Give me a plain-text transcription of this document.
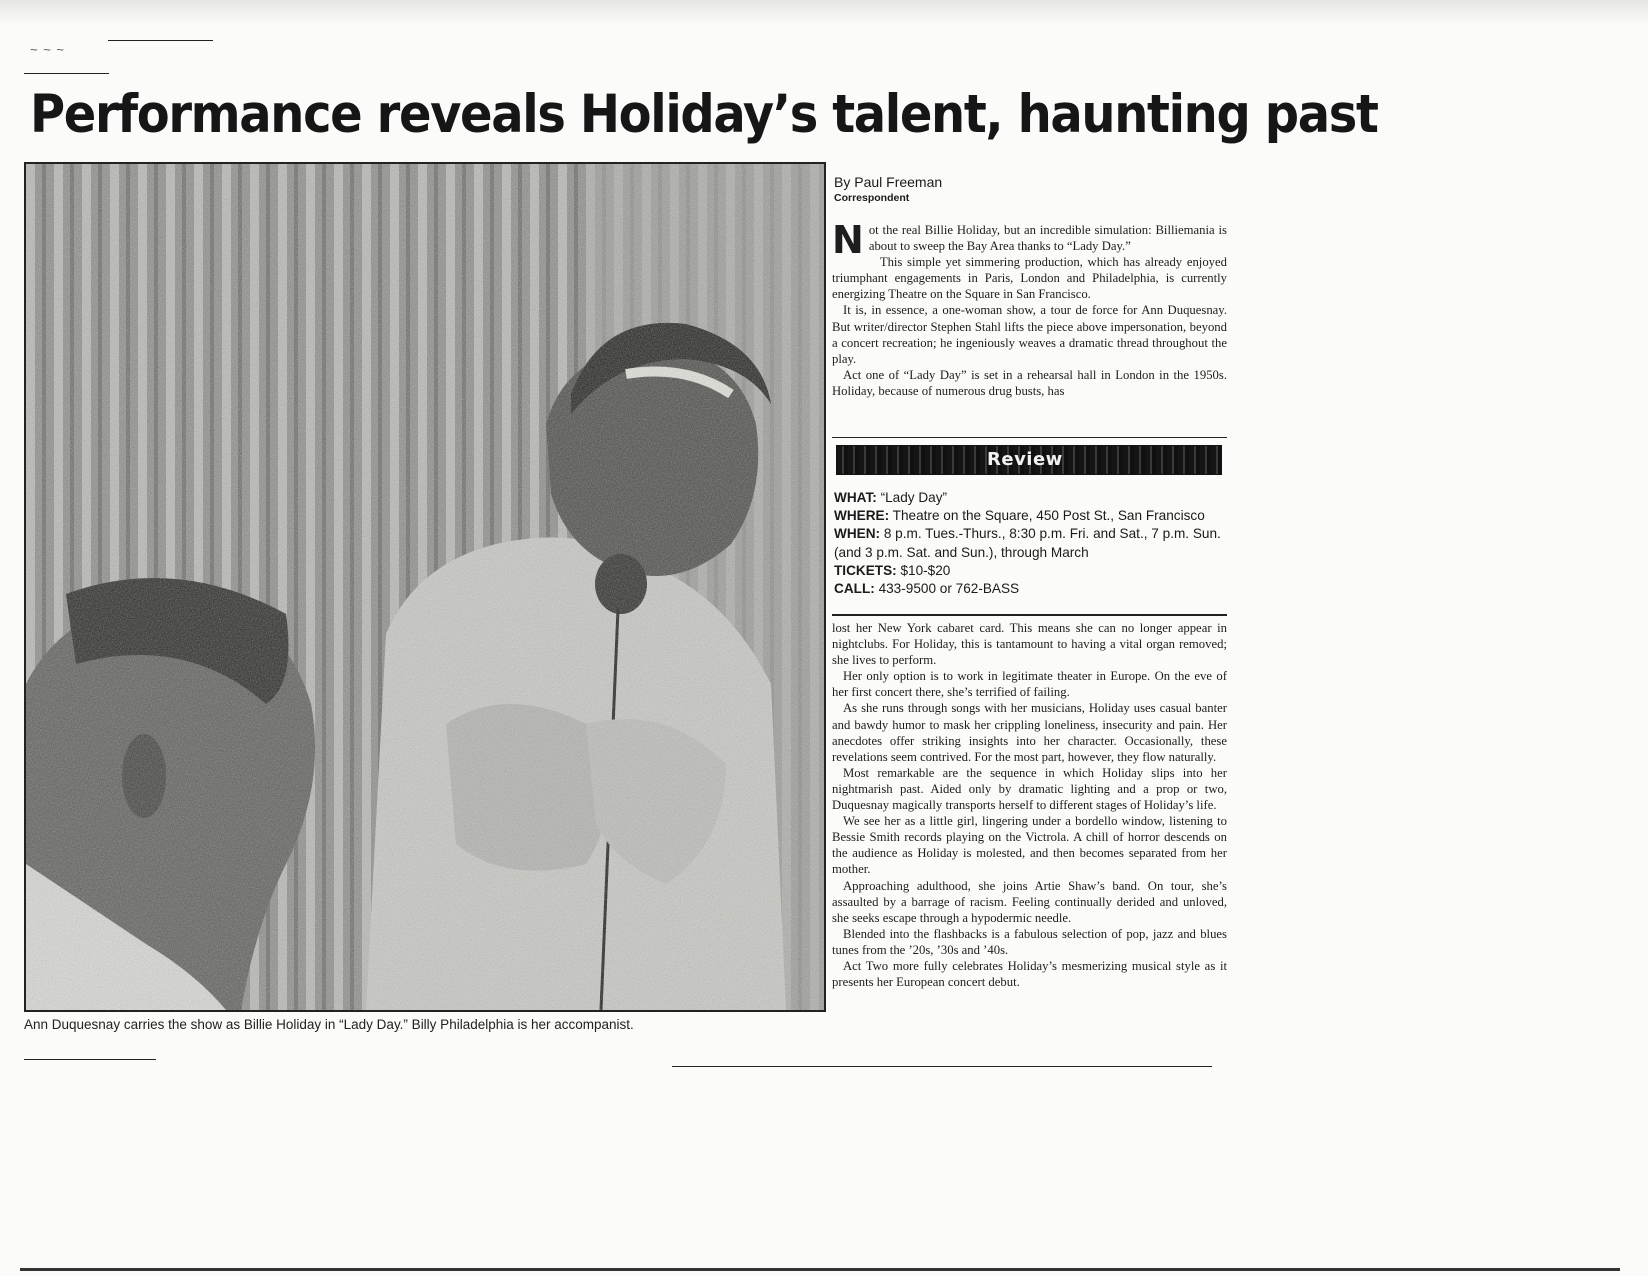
~ ~ ~
Performance reveals Holiday’s talent, haunting past
Ann Duquesnay carries the show as Billie Holiday in “Lady Day.” Billy Philadelphia is her accompanist.
By Paul Freeman
Correspondent

Not the real Billie Holiday, but an incredible simulation: Billiemania is about to sweep the Bay Area thanks to “Lady Day.”

This simple yet simmering production, which has already enjoyed triumphant engagements in Paris, London and Philadelphia, is currently energizing Theatre on the Square in San Francisco.

It is, in essence, a one-woman show, a tour de force for Ann Duquesnay. But writer/director Stephen Stahl lifts the piece above impersonation, beyond a concert recreation; he ingeniously weaves a dramatic thread throughout the play.

Act one of “Lady Day” is set in a rehearsal hall in London in the 1950s. Holiday, because of numerous drug busts, has

Review
WHAT: “Lady Day”
WHERE: Theatre on the Square, 450 Post St., San Francisco
WHEN: 8 p.m. Tues.-Thurs., 8:30 p.m. Fri. and Sat., 7 p.m. Sun. (and 3 p.m. Sat. and Sun.), through March
TICKETS: $10-$20
CALL: 433-9500 or 762-BASS

lost her New York cabaret card. This means she can no longer appear in nightclubs. For Holiday, this is tantamount to having a vital organ removed; she lives to perform.

Her only option is to work in legitimate theater in Europe. On the eve of her first concert there, she’s terrified of failing.

As she runs through songs with her musicians, Holiday uses casual banter and bawdy humor to mask her crippling loneliness, insecurity and pain. Her anecdotes offer striking insights into her character. Occasionally, these revelations seem contrived. For the most part, however, they flow naturally.

Most remarkable are the sequence in which Holiday slips into her nightmarish past. Aided only by dramatic lighting and a prop or two, Duquesnay magically transports herself to different stages of Holiday’s life.

We see her as a little girl, lingering under a bordello window, listening to Bessie Smith records playing on the Victrola. A chill of horror descends on the audience as Holiday is molested, and then becomes separated from her mother.

Approaching adulthood, she joins Artie Shaw’s band. On tour, she’s assaulted by a barrage of racism. Feeling continually derided and unloved, she seeks escape through a hypodermic needle.

Blended into the flashbacks is a fabulous selection of pop, jazz and blues tunes from the ’20s, ’30s and ’40s.

Act Two more fully celebrates Holiday’s mesmerizing musical style as it presents her European concert debut.
